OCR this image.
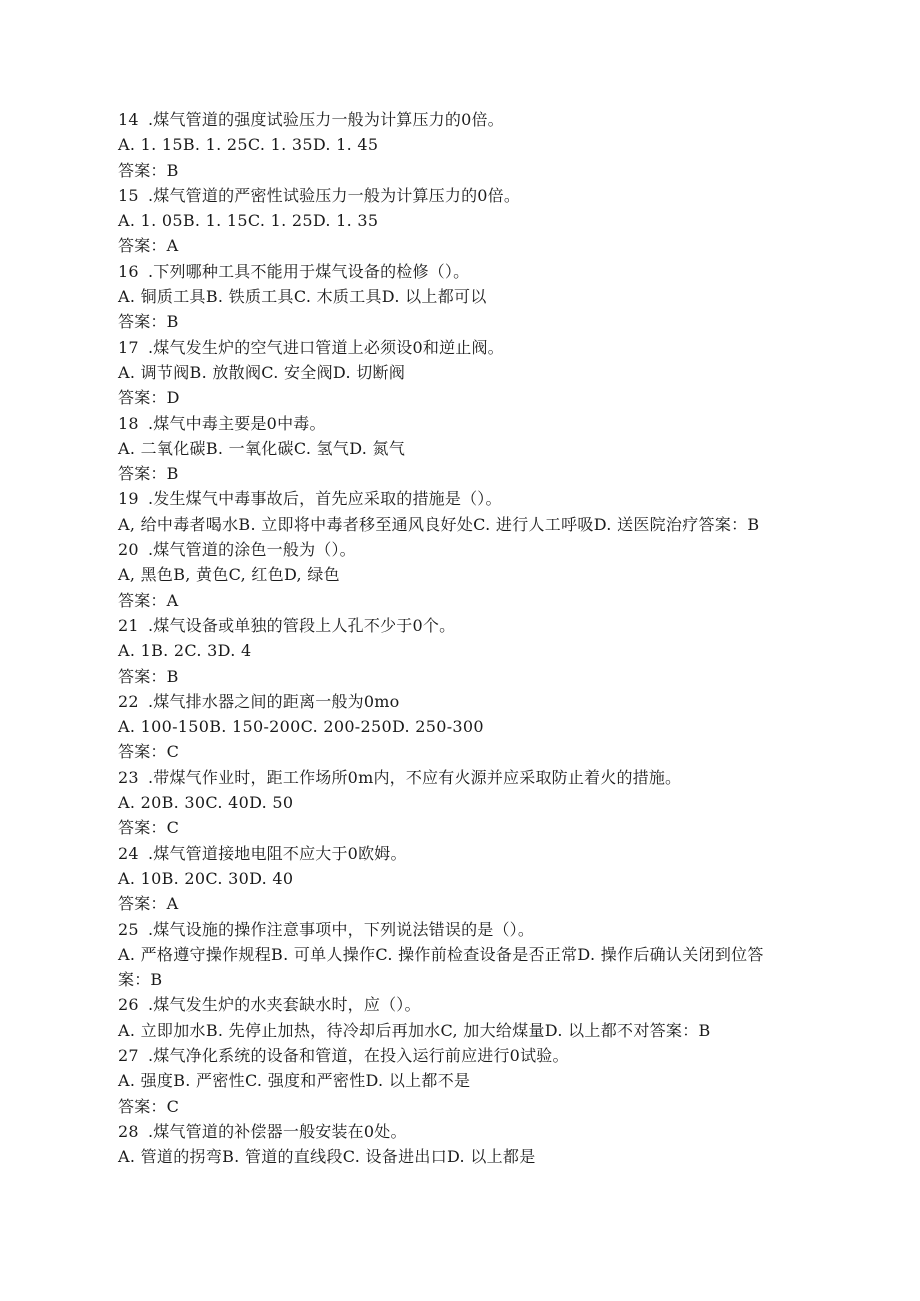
14 .煤气管道的强度试验压力一般为计算压力的0倍。
A. 1. 15B. 1. 25C. 1. 35D. 1. 45
答案：B
15 .煤气管道的严密性试验压力一般为计算压力的0倍。
A. 1. 05B. 1. 15C. 1. 25D. 1. 35
答案：A
16 .下列哪种工具不能用于煤气设备的检修（）。
A. 铜质工具B. 铁质工具C. 木质工具D. 以上都可以
答案：B
17 .煤气发生炉的空气进口管道上必须设0和逆止阀。
A. 调节阀B. 放散阀C. 安全阀D. 切断阀
答案：D
18 .煤气中毒主要是0中毒。
A. 二氧化碳B. 一氧化碳C. 氢气D. 氮气
答案：B
19 .发生煤气中毒事故后，首先应采取的措施是（）。
A, 给中毒者喝水B. 立即将中毒者移至通风良好处C. 进行人工呼吸D. 送医院治疗答案：B
20 .煤气管道的涂色一般为（）。
A, 黑色B, 黄色C, 红色D, 绿色
答案：A
21 .煤气设备或单独的管段上人孔不少于0个。
A. 1B. 2C. 3D. 4
答案：B
22 .煤气排水器之间的距离一般为0mo
A. 100-150B. 150-200C. 200-250D. 250-300
答案：C
23 .带煤气作业时，距工作场所0m内，不应有火源并应采取防止着火的措施。
A. 20B. 30C. 40D. 50
答案：C
24 .煤气管道接地电阻不应大于0欧姆。
A. 10B. 20C. 30D. 40
答案：A
25 .煤气设施的操作注意事项中，下列说法错误的是（）。
A. 严格遵守操作规程B. 可单人操作C. 操作前检查设备是否正常D. 操作后确认关闭到位答
案：B
26 .煤气发生炉的水夹套缺水时，应（）。
A. 立即加水B. 先停止加热，待冷却后再加水C, 加大给煤量D. 以上都不对答案：B
27 .煤气净化系统的设备和管道，在投入运行前应进行0试验。
A. 强度B. 严密性C. 强度和严密性D. 以上都不是
答案：C
28 .煤气管道的补偿器一般安装在0处。
A. 管道的拐弯B. 管道的直线段C. 设备进出口D. 以上都是
